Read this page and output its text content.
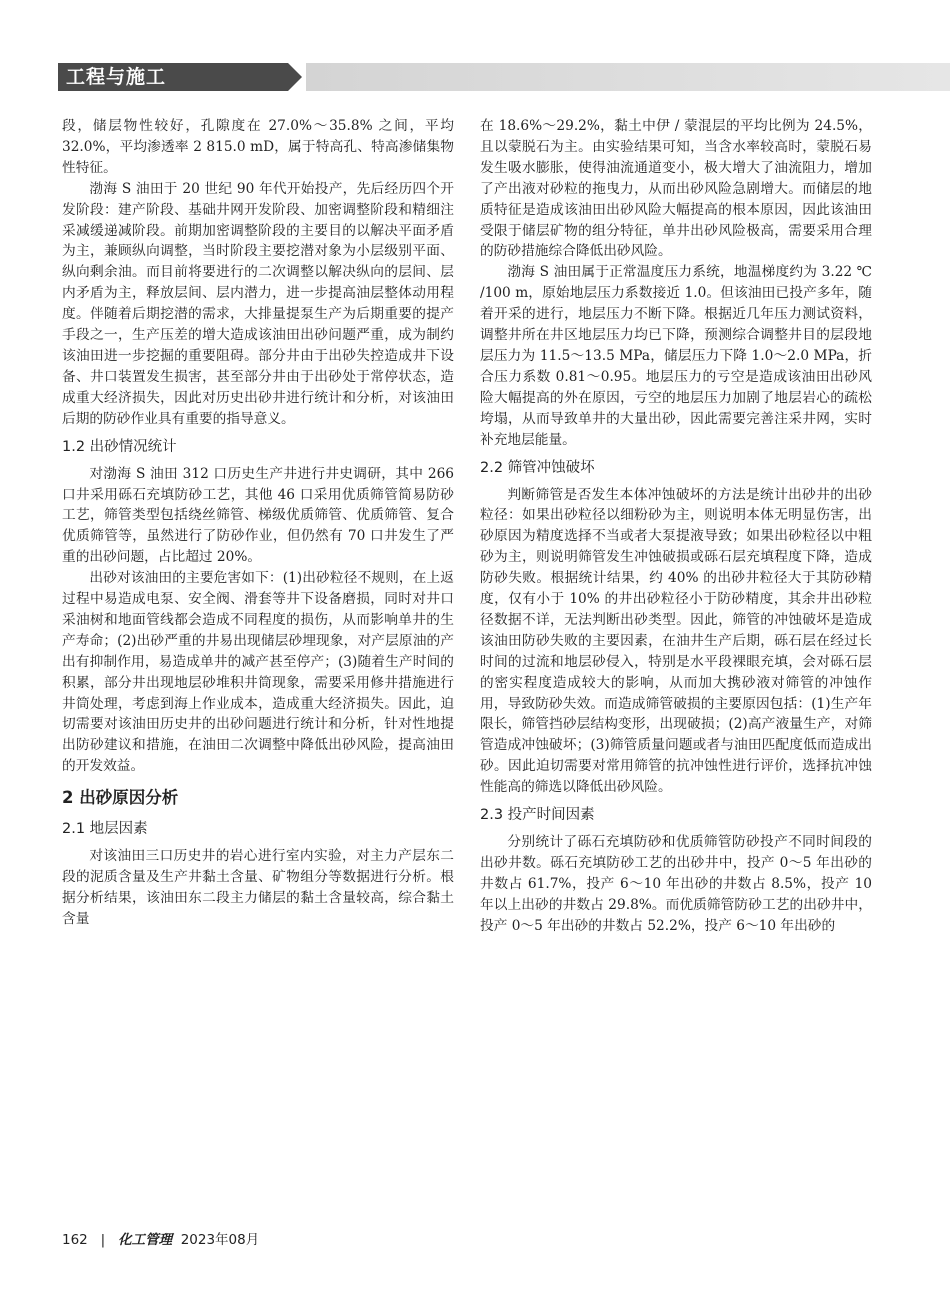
工程与施工

段，储层物性较好，孔隙度在 27.0%～35.8% 之间，平均 32.0%，平均渗透率 2 815.0 mD，属于特高孔、特高渗储集物性特征。

渤海 S 油田于 20 世纪 90 年代开始投产，先后经历四个开发阶段：建产阶段、基础井网开发阶段、加密调整阶段和精细注采减缓递减阶段。前期加密调整阶段的主要目的以解决平面矛盾为主，兼顾纵向调整，当时阶段主要挖潜对象为小层级别平面、纵向剩余油。而目前将要进行的二次调整以解决纵向的层间、层内矛盾为主，释放层间、层内潜力，进一步提高油层整体动用程度。伴随着后期挖潜的需求，大排量提泵生产为后期重要的提产手段之一，生产压差的增大造成该油田出砂问题严重，成为制约该油田进一步挖掘的重要阻碍。部分井由于出砂失控造成井下设备、井口装置发生损害，甚至部分井由于出砂处于常停状态，造成重大经济损失，因此对历史出砂井进行统计和分析，对该油田后期的防砂作业具有重要的指导意义。

1.2 出砂情况统计

对渤海 S 油田 312 口历史生产井进行井史调研，其中 266 口井采用砾石充填防砂工艺，其他 46 口采用优质筛管简易防砂工艺，筛管类型包括绕丝筛管、梯级优质筛管、优质筛管、复合优质筛管等，虽然进行了防砂作业，但仍然有 70 口井发生了严重的出砂问题，占比超过 20%。

出砂对该油田的主要危害如下：(1)出砂粒径不规则，在上返过程中易造成电泵、安全阀、滑套等井下设备磨损，同时对井口采油树和地面管线都会造成不同程度的损伤，从而影响单井的生产寿命；(2)出砂严重的井易出现储层砂埋现象，对产层原油的产出有抑制作用，易造成单井的减产甚至停产；(3)随着生产时间的积累，部分井出现地层砂堆积井筒现象，需要采用修井措施进行井筒处理，考虑到海上作业成本，造成重大经济损失。因此，迫切需要对该油田历史井的出砂问题进行统计和分析，针对性地提出防砂建议和措施，在油田二次调整中降低出砂风险，提高油田的开发效益。

2 出砂原因分析
2.1 地层因素

对该油田三口历史井的岩心进行室内实验，对主力产层东二段的泥质含量及生产井黏土含量、矿物组分等数据进行分析。根据分析结果，该油田东二段主力储层的黏土含量较高，综合黏土含量

在 18.6%～29.2%，黏土中伊 / 蒙混层的平均比例为 24.5%，且以蒙脱石为主。由实验结果可知，当含水率较高时，蒙脱石易发生吸水膨胀，使得油流通道变小，极大增大了油流阻力，增加了产出液对砂粒的拖曳力，从而出砂风险急剧增大。而储层的地质特征是造成该油田出砂风险大幅提高的根本原因，因此该油田受限于储层矿物的组分特征，单井出砂风险极高，需要采用合理的防砂措施综合降低出砂风险。

渤海 S 油田属于正常温度压力系统，地温梯度约为 3.22 ℃ /100 m，原始地层压力系数接近 1.0。但该油田已投产多年，随着开采的进行，地层压力不断下降。根据近几年压力测试资料，调整井所在井区地层压力均已下降，预测综合调整井目的层段地层压力为 11.5～13.5 MPa，储层压力下降 1.0～2.0 MPa，折合压力系数 0.81～0.95。地层压力的亏空是造成该油田出砂风险大幅提高的外在原因，亏空的地层压力加剧了地层岩心的疏松垮塌，从而导致单井的大量出砂，因此需要完善注采井网，实时补充地层能量。

2.2 筛管冲蚀破坏

判断筛管是否发生本体冲蚀破坏的方法是统计出砂井的出砂粒径：如果出砂粒径以细粉砂为主，则说明本体无明显伤害，出砂原因为精度选择不当或者大泵提液导致；如果出砂粒径以中粗砂为主，则说明筛管发生冲蚀破损或砾石层充填程度下降，造成防砂失败。根据统计结果，约 40% 的出砂井粒径大于其防砂精度，仅有小于 10% 的井出砂粒径小于防砂精度，其余井出砂粒径数据不详，无法判断出砂类型。因此，筛管的冲蚀破坏是造成该油田防砂失败的主要因素，在油井生产后期，砾石层在经过长时间的过流和地层砂侵入，特别是水平段裸眼充填，会对砾石层的密实程度造成较大的影响，从而加大携砂液对筛管的冲蚀作用，导致防砂失效。而造成筛管破损的主要原因包括：(1)生产年限长，筛管挡砂层结构变形，出现破损；(2)高产液量生产，对筛管造成冲蚀破坏；(3)筛管质量问题或者与油田匹配度低而造成出砂。因此迫切需要对常用筛管的抗冲蚀性进行评价，选择抗冲蚀性能高的筛选以降低出砂风险。

2.3 投产时间因素

分别统计了砾石充填防砂和优质筛管防砂投产不同时间段的出砂井数。砾石充填防砂工艺的出砂井中，投产 0～5 年出砂的井数占 61.7%，投产 6～10 年出砂的井数占 8.5%，投产 10 年以上出砂的井数占 29.8%。而优质筛管防砂工艺的出砂井中，投产 0～5 年出砂的井数占 52.2%，投产 6～10 年出砂的

162 | 化工管理 2023年08月
